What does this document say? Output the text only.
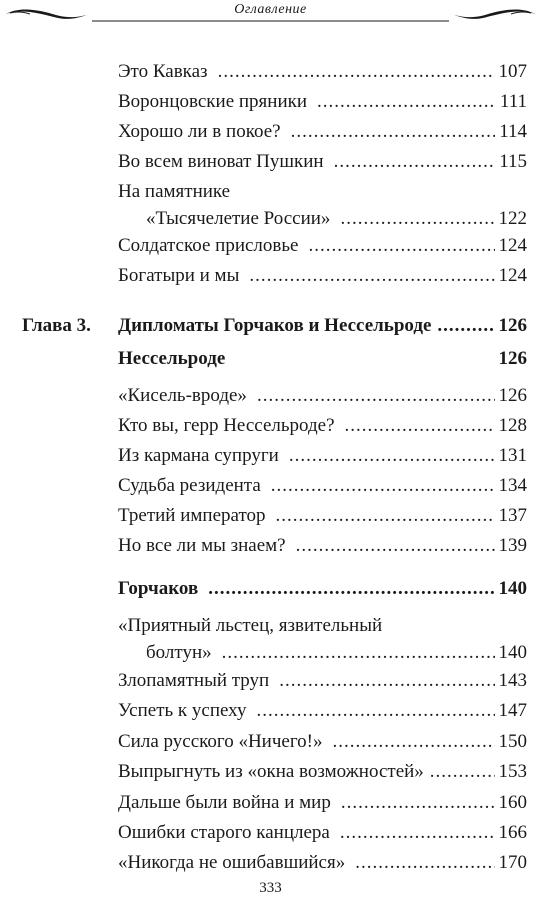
Оглавление
Это Кавказ .....	107
Воронцовские пряники .....	111
Хорошо ли в покое? .....	114
Во всем виноват Пушкин .....	115
На памятнике
«Тысячелетие России» .....	122
Солдатское присловье .....	124
Богатыри и мы .....	124
Глава 3. Дипломаты Горчаков и Нессельроде .....	126
Нессельроде	126
«Кисель-вроде» .....	126
Кто вы, герр Нессельроде? .....	128
Из кармана супруги .....	131
Судьба резидента .....	134
Третий император .....	137
Но все ли мы знаем? .....	139
Горчаков .....	140
«Приятный льстец, язвительный
болтун» .....	140
Злопамятный труп .....	143
Успеть к успеху .....	147
Сила русского «Ничего!» .....	150
Выпрыгнуть из «окна возможностей» .....	153
Дальше были война и мир .....	160
Ошибки старого канцлера .....	166
«Никогда не ошибавшийся» .....	170
333
